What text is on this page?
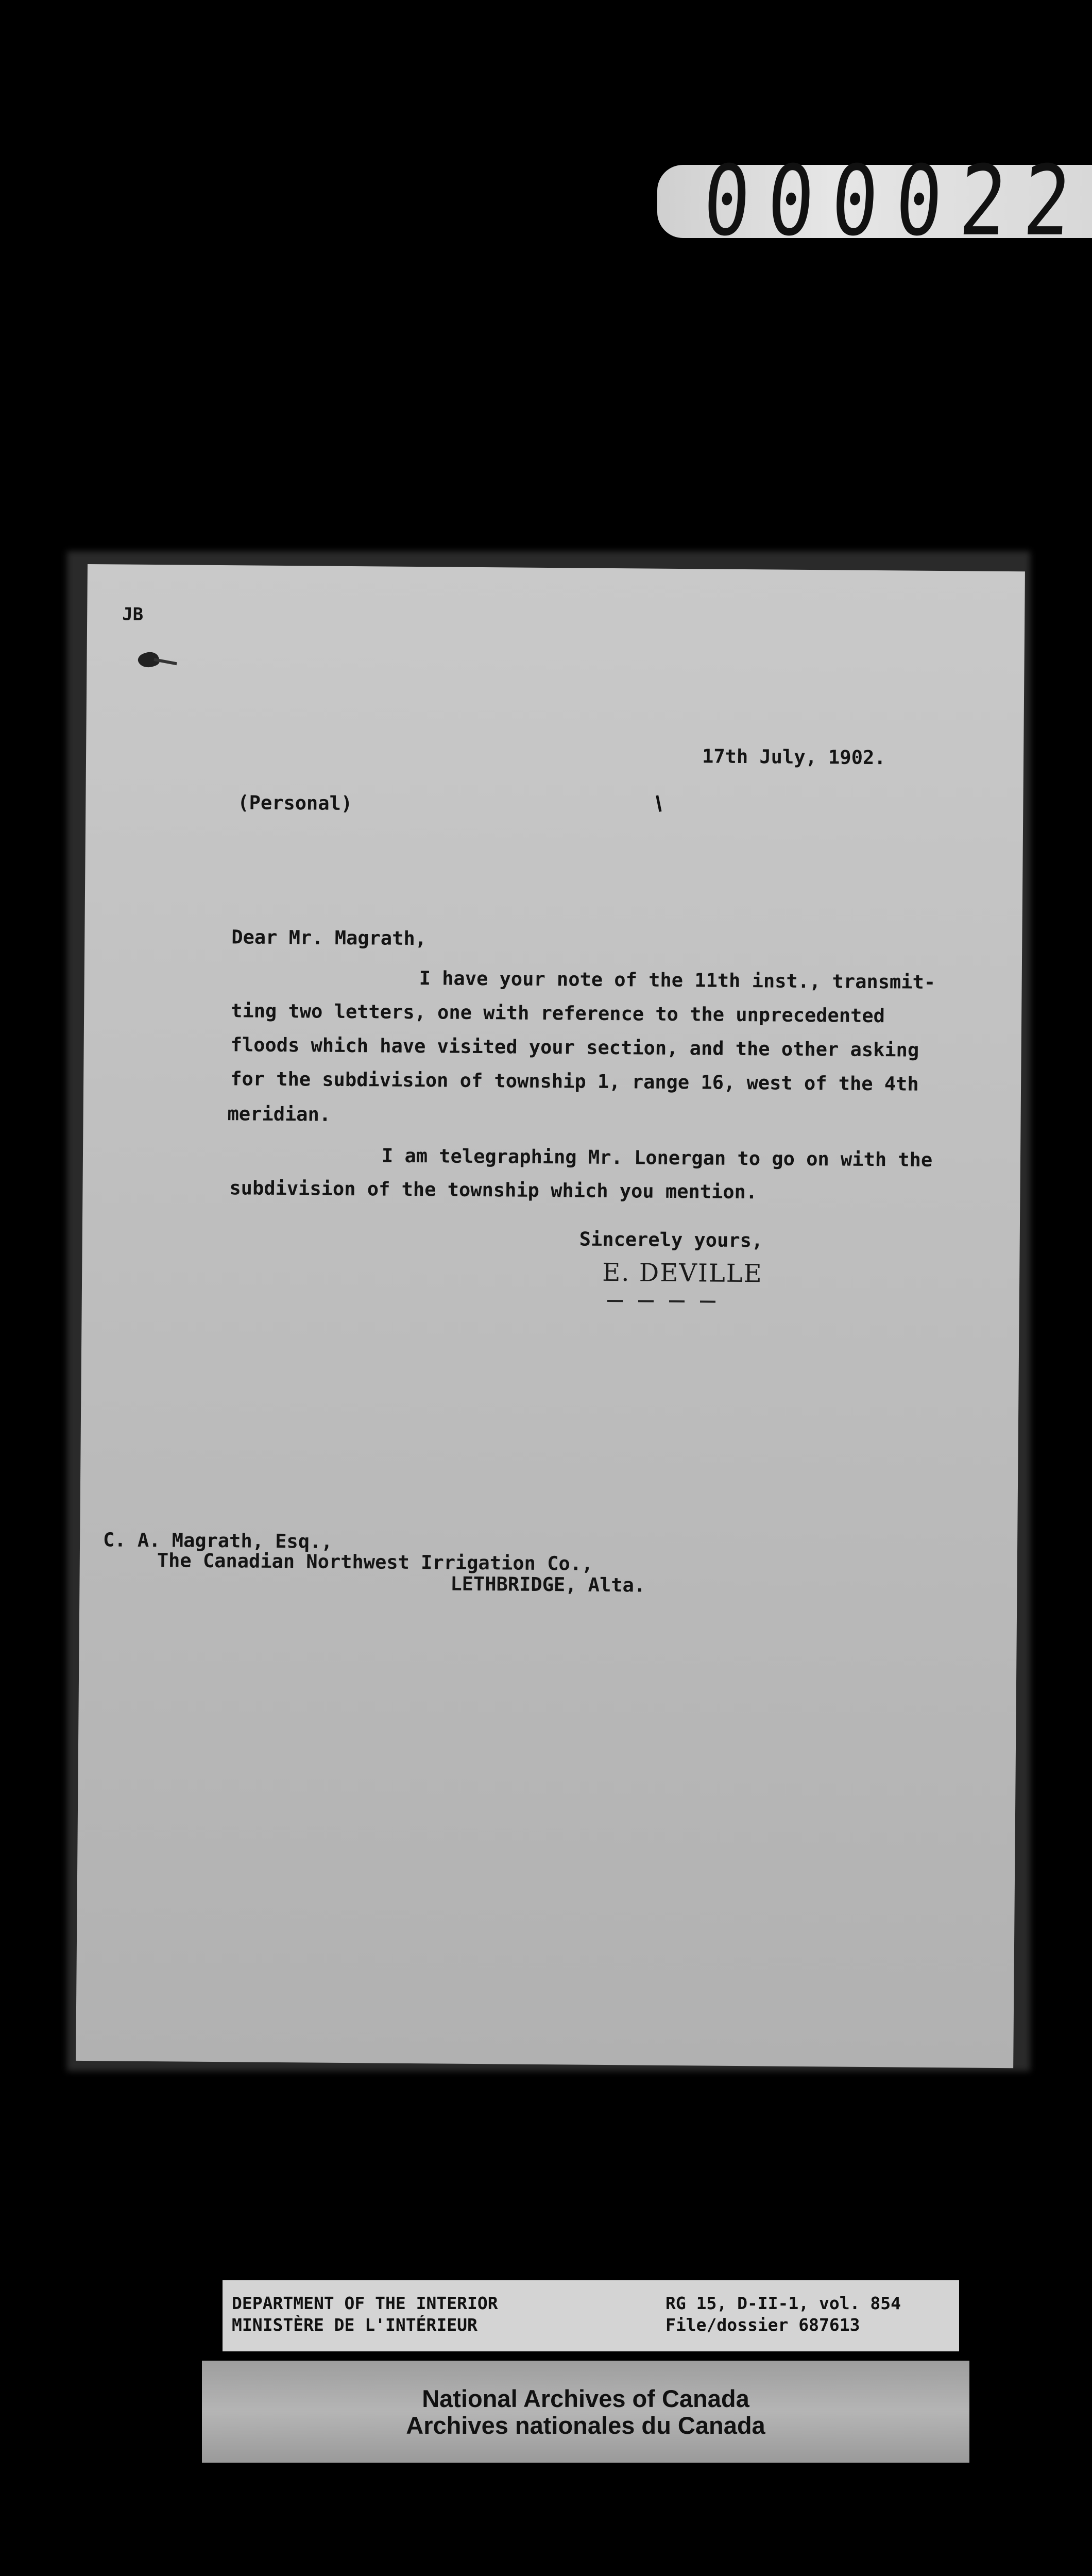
000022
JB
17th July, 1902.
(Personal)
Dear Mr. Magrath,
I have your note of the 11th inst., transmit-
ting two letters, one with reference to the unprecedented
floods which have visited your section, and the other asking
for the subdivision of township 1, range 16, west of the 4th
meridian.
I am telegraphing Mr. Lonergan to go on with the
subdivision of the township which you mention.
Sincerely yours,
E. DEVILLE
C. A. Magrath, Esq.,
The Canadian Northwest Irrigation Co.,
LETHBRIDGE, Alta.
DEPARTMENT OF THE INTERIOR
MINISTÈRE DE L'INTÉRIEUR
RG 15, D-II-1, vol. 854
File/dossier 687613
National Archives of Canada
Archives nationales du Canada
